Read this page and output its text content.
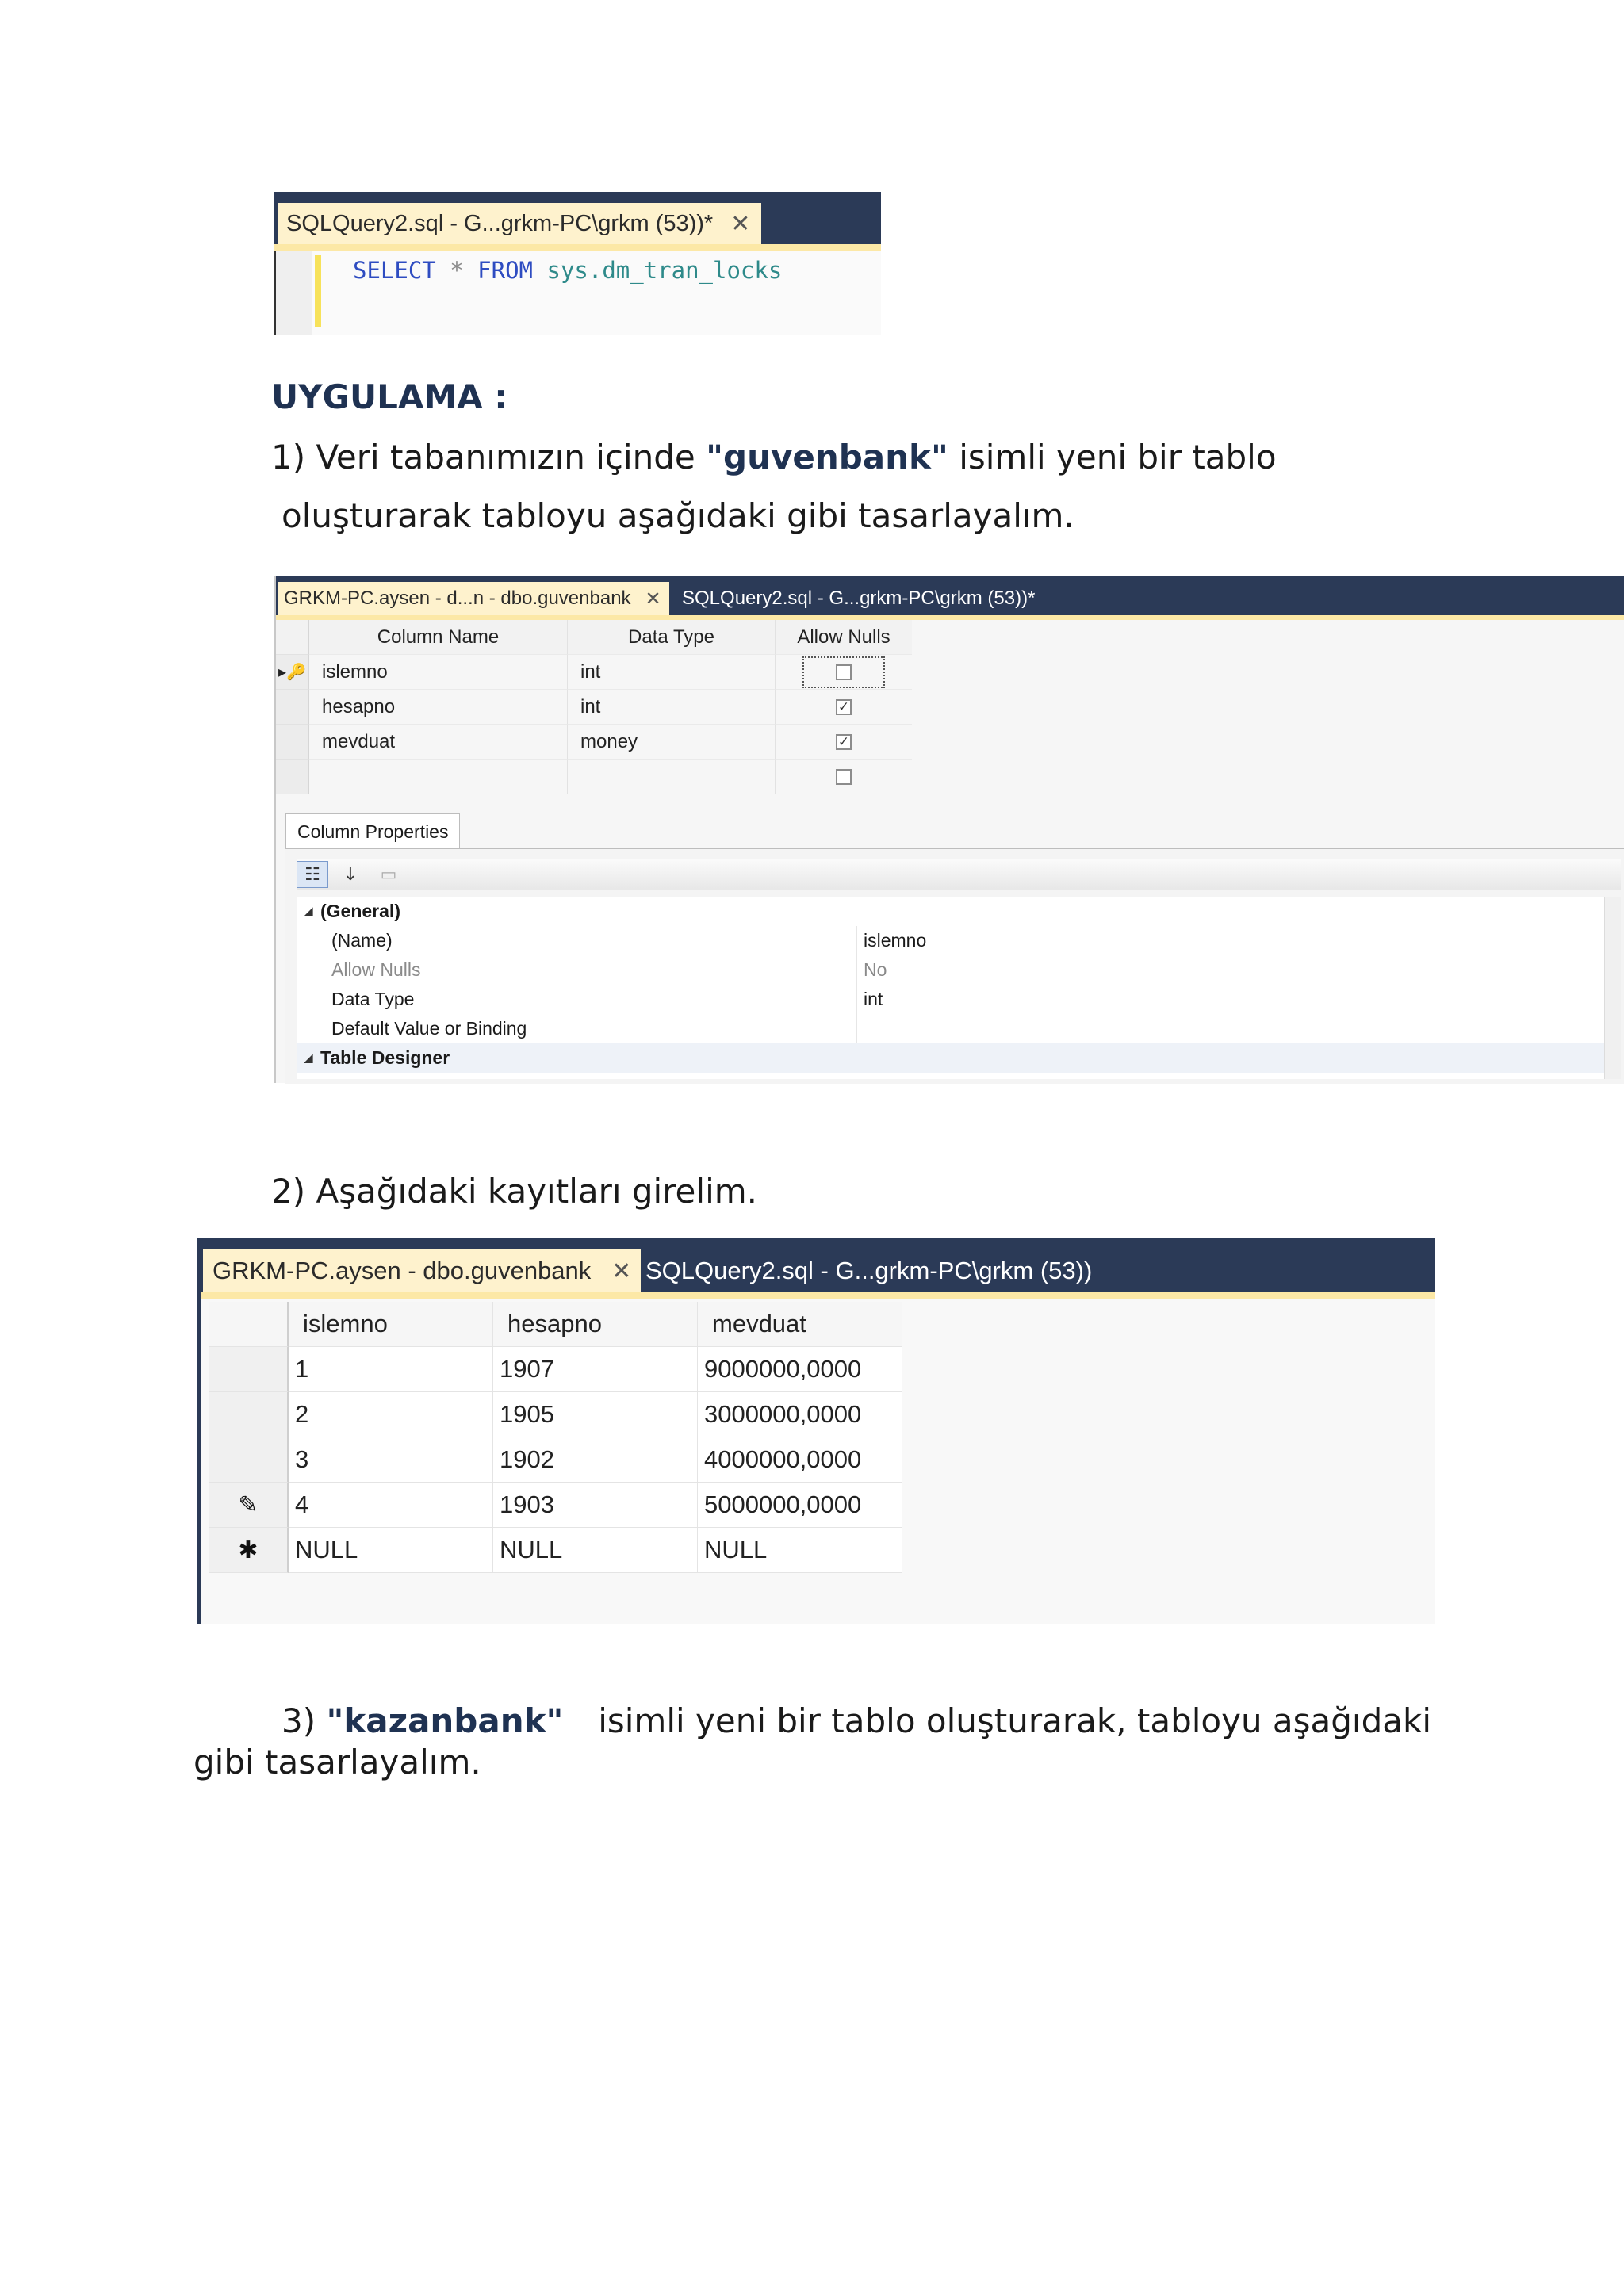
SQLQuery2.sql - G...grkm-PC\grkm (53))* ✕
SELECT * FROM sys.dm_tran_locks
UYGULAMA :
1) Veri tabanımızın içinde "guvenbank" isimli yeni bir tablo
oluşturarak tabloyu aşağıdaki gibi tasarlayalım.
GRKM-PC.aysen - d...n - dbo.guvenbank ✕ SQLQuery2.sql - G...grkm-PC\grkm (53))*
Column Name	Data Type	Allow Nulls
▸🔑 islemno	int
hesapno	int	✓
mevduat	money	✓
Column Properties
☷	↓	▭
◢ (General)
(Name)	islemno
Allow Nulls	No
Data Type	int
Default Value or Binding
◢ Table Designer
2) Aşağıdaki kayıtları girelim.
GRKM-PC.aysen - dbo.guvenbank ✕ SQLQuery2.sql - G...grkm-PC\grkm (53))
islemno	hesapno	mevduat
1	1907	9000000,0000
2	1905	3000000,0000
3	1902	4000000,0000
✎	4	1903	5000000,0000
✱	NULL	NULL	NULL
3) "kazanbank" isimli yeni bir tablo oluşturarak, tabloyu aşağıdaki
gibi tasarlayalım.
